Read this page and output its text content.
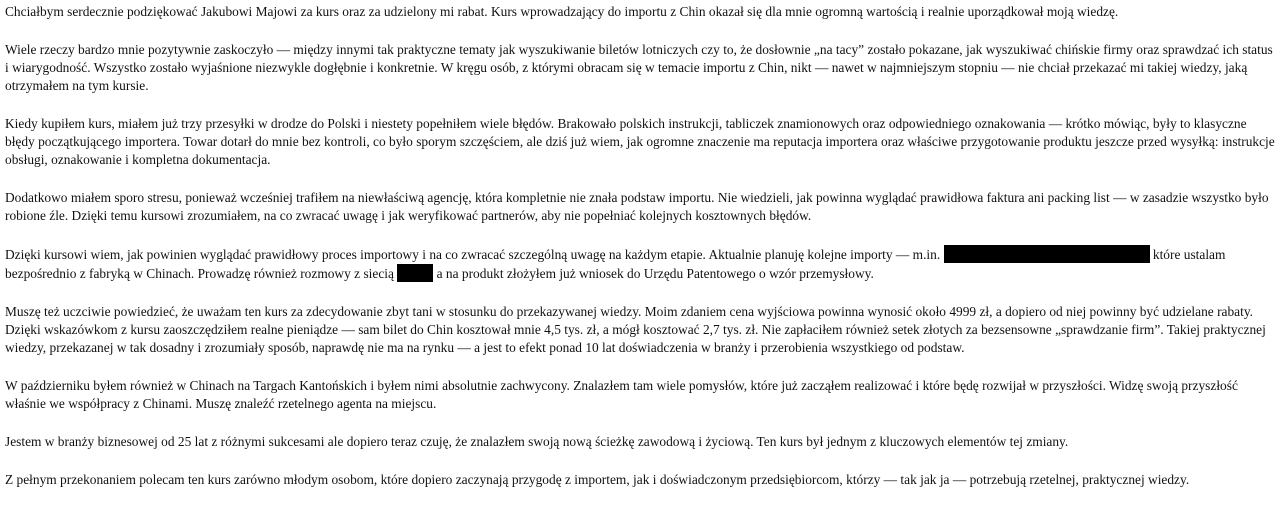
Chciałbym serdecznie podziękować Jakubowi Majowi za kurs oraz za udzielony mi rabat. Kurs wprowadzający do importu z Chin okazał się dla mnie ogromną wartością i realnie uporządkował moją wiedzę.

Wiele rzeczy bardzo mnie pozytywnie zaskoczyło — między innymi tak praktyczne tematy jak wyszukiwanie biletów lotniczych czy to, że dosłownie „na tacy” zostało pokazane, jak wyszukiwać chińskie firmy oraz sprawdzać ich status i wiarygodność. Wszystko zostało wyjaśnione niezwykle dogłębnie i konkretnie. W kręgu osób, z którymi obracam się w temacie importu z Chin, nikt — nawet w najmniejszym stopniu — nie chciał przekazać mi takiej wiedzy, jaką otrzymałem na tym kursie.

Kiedy kupiłem kurs, miałem już trzy przesyłki w drodze do Polski i niestety popełniłem wiele błędów. Brakowało polskich instrukcji, tabliczek znamionowych oraz odpowiedniego oznakowania — krótko mówiąc, były to klasyczne błędy początkującego importera. Towar dotarł do mnie bez kontroli, co było sporym szczęściem, ale dziś już wiem, jak ogromne znaczenie ma reputacja importera oraz właściwe przygotowanie produktu jeszcze przed wysyłką: instrukcje obsługi, oznakowanie i kompletna dokumentacja.

Dodatkowo miałem sporo stresu, ponieważ wcześniej trafiłem na niewłaściwą agencję, która kompletnie nie znała podstaw importu. Nie wiedzieli, jak powinna wyglądać prawidłowa faktura ani packing list — w zasadzie wszystko było robione źle. Dzięki temu kursowi zrozumiałem, na co zwracać uwagę i jak weryfikować partnerów, aby nie popełniać kolejnych kosztownych błędów.

Dzięki kursowi wiem, jak powinien wyglądać prawidłowy proces importowy i na co zwracać szczególną uwagę na każdym etapie. Aktualnie planuję kolejne importy — m.in.	które ustalam bezpośrednio z fabryką w Chinach. Prowadzę również rozmowy z siecią	a na produkt złożyłem już wniosek do Urzędu Patentowego o wzór przemysłowy.

Muszę też uczciwie powiedzieć, że uważam ten kurs za zdecydowanie zbyt tani w stosunku do przekazywanej wiedzy. Moim zdaniem cena wyjściowa powinna wynosić około 4999 zł, a dopiero od niej powinny być udzielane rabaty. Dzięki wskazówkom z kursu zaoszczędziłem realne pieniądze — sam bilet do Chin kosztował mnie 4,5 tys. zł, a mógł kosztować 2,7 tys. zł. Nie zapłaciłem również setek złotych za bezsensowne „sprawdzanie firm”. Takiej praktycznej wiedzy, przekazanej w tak dosadny i zrozumiały sposób, naprawdę nie ma na rynku — a jest to efekt ponad 10 lat doświadczenia w branży i przerobienia wszystkiego od podstaw.

W październiku byłem również w Chinach na Targach Kantońskich i byłem nimi absolutnie zachwycony. Znalazłem tam wiele pomysłów, które już zacząłem realizować i które będę rozwijał w przyszłości. Widzę swoją przyszłość właśnie we współpracy z Chinami. Muszę znaleźć rzetelnego agenta na miejscu.

Jestem w branży biznesowej od 25 lat z różnymi sukcesami ale dopiero teraz czuję, że znalazłem swoją nową ścieżkę zawodową i życiową. Ten kurs był jednym z kluczowych elementów tej zmiany.

Z pełnym przekonaniem polecam ten kurs zarówno młodym osobom, które dopiero zaczynają przygodę z importem, jak i doświadczonym przedsiębiorcom, którzy — tak jak ja — potrzebują rzetelnej, praktycznej wiedzy.
